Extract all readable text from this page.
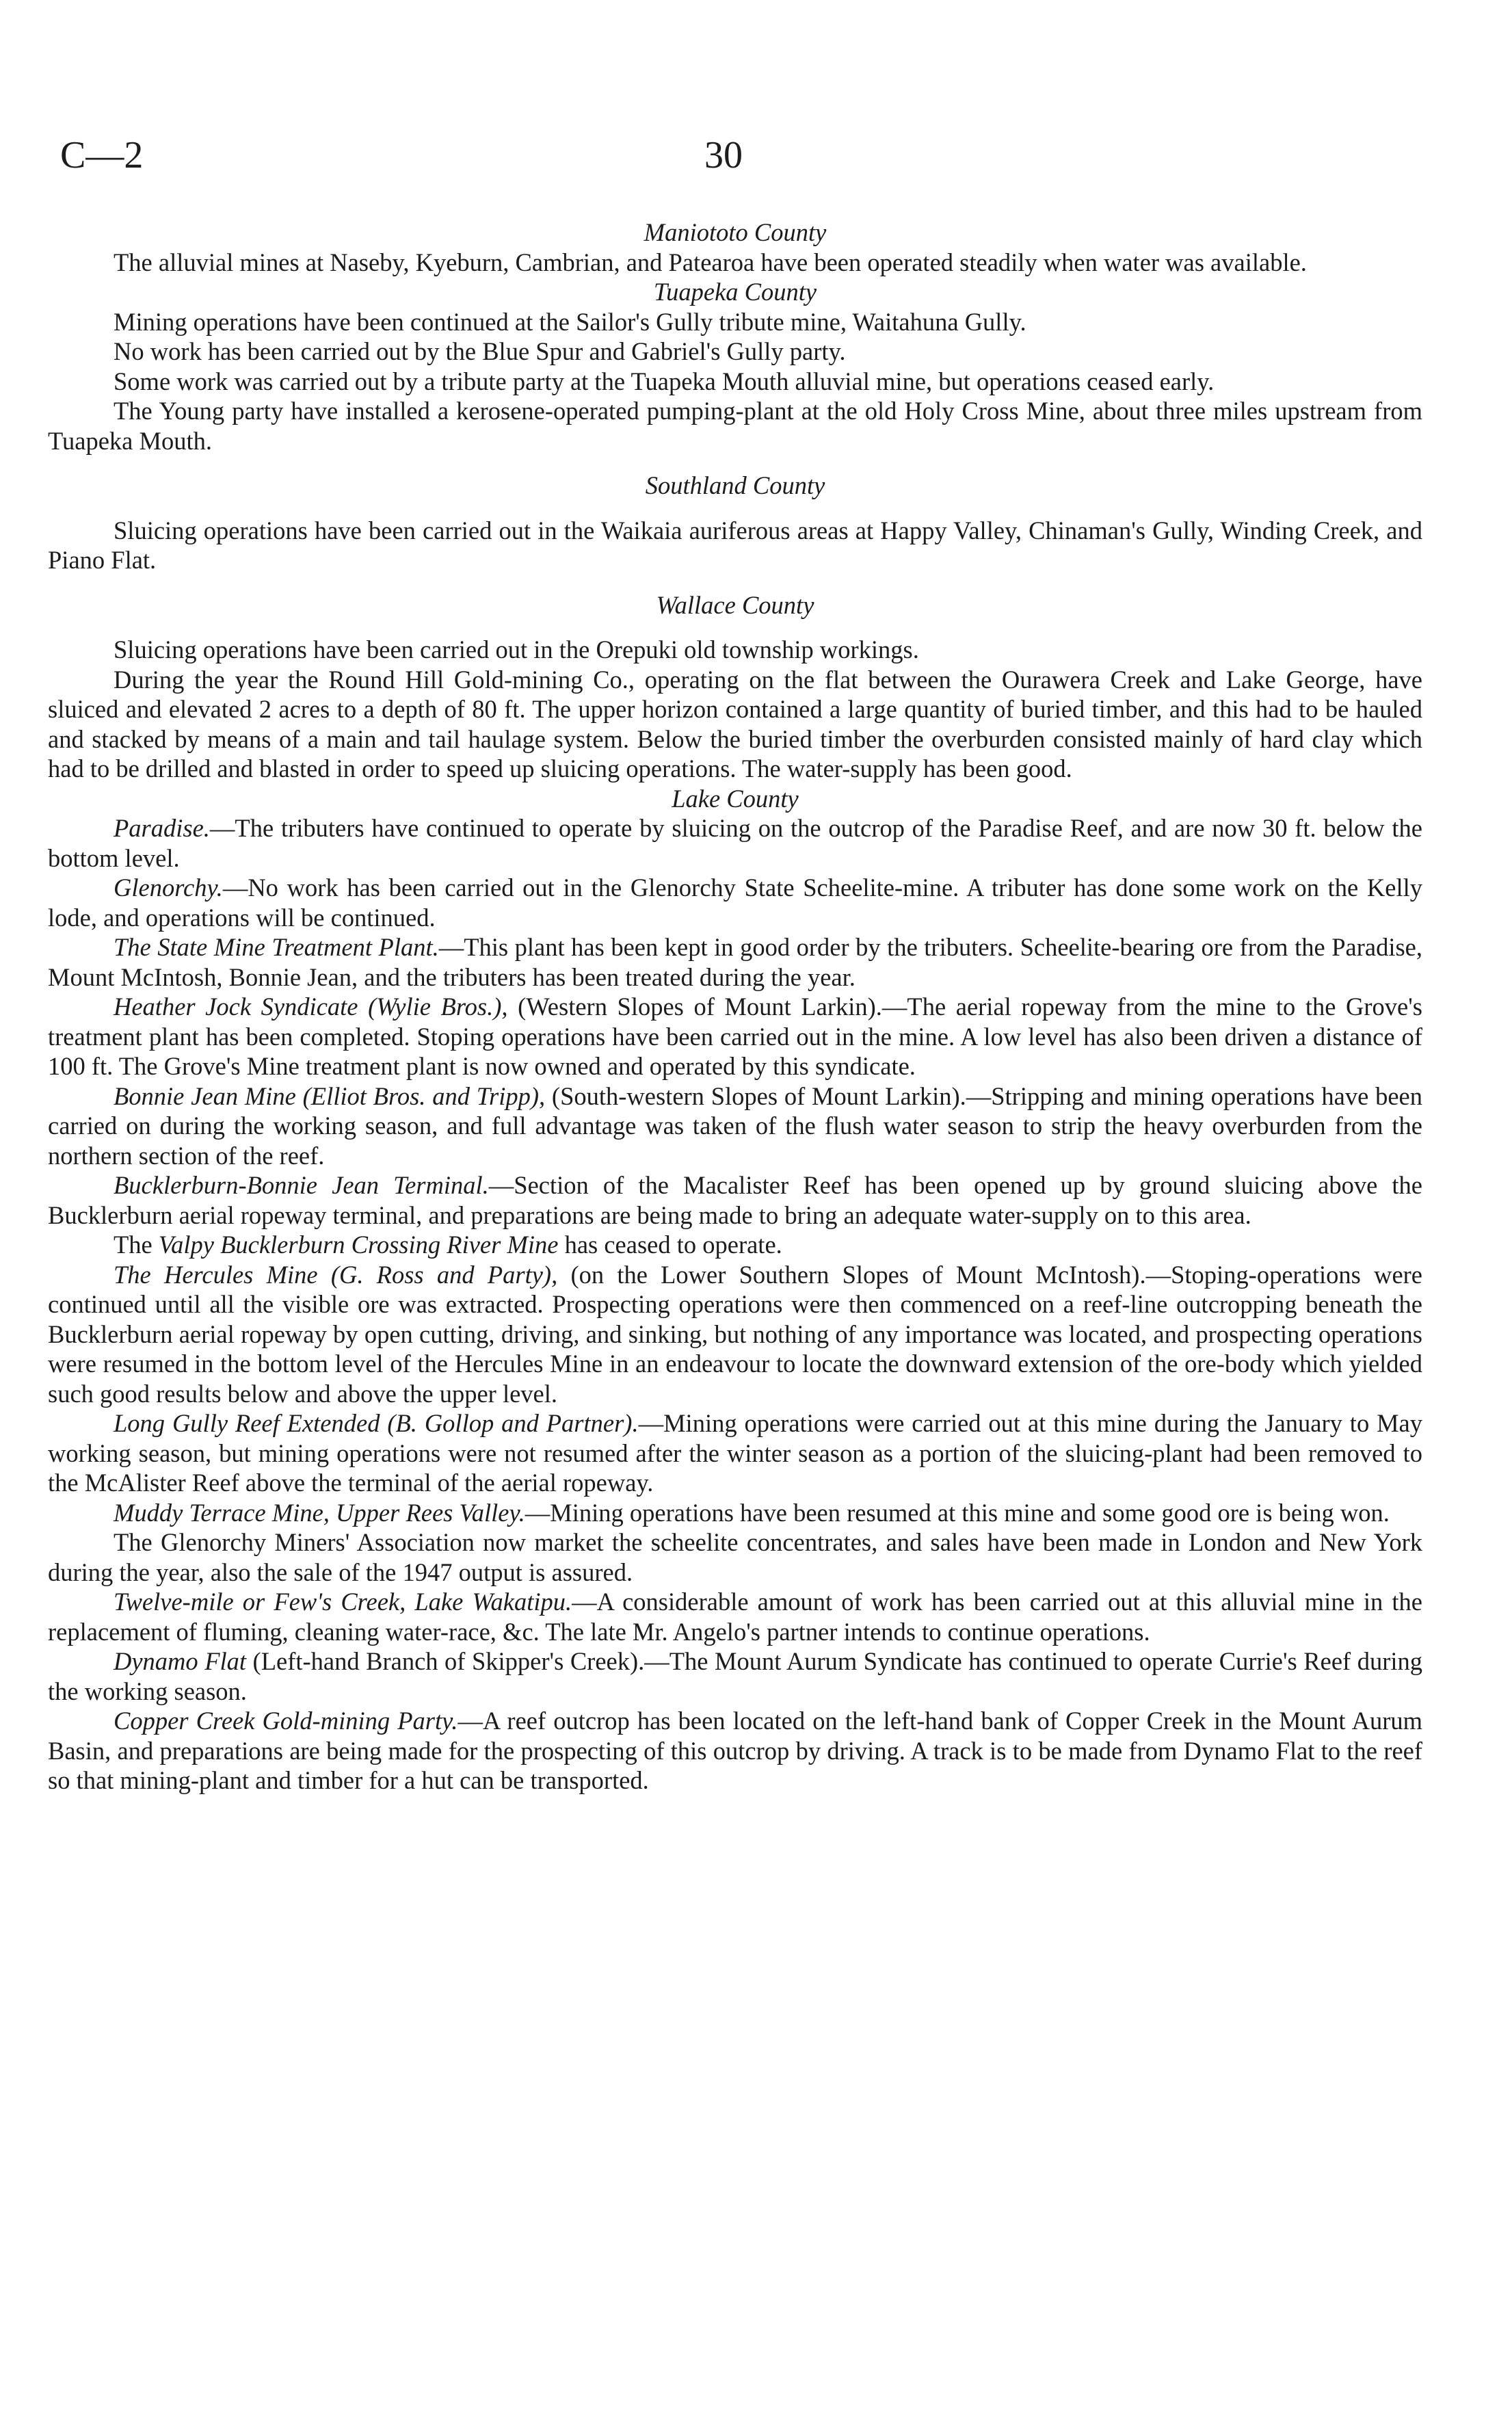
C—2	30
Maniototo County

The alluvial mines at Naseby, Kyeburn, Cambrian, and Patearoa have been operated steadily when water was available.

Tuapeka County

Mining operations have been continued at the Sailor's Gully tribute mine, Waitahuna Gully.

No work has been carried out by the Blue Spur and Gabriel's Gully party.

Some work was carried out by a tribute party at the Tuapeka Mouth alluvial mine, but operations ceased early.

The Young party have installed a kerosene-operated pumping-plant at the old Holy Cross Mine, about three miles upstream from Tuapeka Mouth.

Southland County

Sluicing operations have been carried out in the Waikaia auriferous areas at Happy Valley, Chinaman's Gully, Winding Creek, and Piano Flat.

Wallace County

Sluicing operations have been carried out in the Orepuki old township workings.

During the year the Round Hill Gold-mining Co., operating on the flat between the Ourawera Creek and Lake George, have sluiced and elevated 2 acres to a depth of 80 ft. The upper horizon contained a large quantity of buried timber, and this had to be hauled and stacked by means of a main and tail haulage system. Below the buried timber the overburden consisted mainly of hard clay which had to be drilled and blasted in order to speed up sluicing operations. The water-supply has been good.

Lake County

Paradise.—The tributers have continued to operate by sluicing on the outcrop of the Paradise Reef, and are now 30 ft. below the bottom level.

Glenorchy.—No work has been carried out in the Glenorchy State Scheelite-mine. A tributer has done some work on the Kelly lode, and operations will be continued.

The State Mine Treatment Plant.—This plant has been kept in good order by the tributers. Scheelite-bearing ore from the Paradise, Mount McIntosh, Bonnie Jean, and the tributers has been treated during the year.

Heather Jock Syndicate (Wylie Bros.), (Western Slopes of Mount Larkin).—The aerial ropeway from the mine to the Grove's treatment plant has been completed. Stoping operations have been carried out in the mine. A low level has also been driven a distance of 100 ft. The Grove's Mine treatment plant is now owned and operated by this syndicate.

Bonnie Jean Mine (Elliot Bros. and Tripp), (South-western Slopes of Mount Larkin).—Stripping and mining operations have been carried on during the working season, and full advantage was taken of the flush water season to strip the heavy overburden from the northern section of the reef.

Bucklerburn-Bonnie Jean Terminal.—Section of the Macalister Reef has been opened up by ground sluicing above the Bucklerburn aerial ropeway terminal, and preparations are being made to bring an adequate water-supply on to this area.

The Valpy Bucklerburn Crossing River Mine has ceased to operate.

The Hercules Mine (G. Ross and Party), (on the Lower Southern Slopes of Mount McIntosh).—Stoping-operations were continued until all the visible ore was extracted. Prospecting operations were then commenced on a reef-line outcropping beneath the Bucklerburn aerial ropeway by open cutting, driving, and sinking, but nothing of any importance was located, and prospecting operations were resumed in the bottom level of the Hercules Mine in an endeavour to locate the downward extension of the ore-body which yielded such good results below and above the upper level.

Long Gully Reef Extended (B. Gollop and Partner).—Mining operations were carried out at this mine during the January to May working season, but mining operations were not resumed after the winter season as a portion of the sluicing-plant had been removed to the McAlister Reef above the terminal of the aerial ropeway.

Muddy Terrace Mine, Upper Rees Valley.—Mining operations have been resumed at this mine and some good ore is being won.

The Glenorchy Miners' Association now market the scheelite concentrates, and sales have been made in London and New York during the year, also the sale of the 1947 output is assured.

Twelve-mile or Few's Creek, Lake Wakatipu.—A considerable amount of work has been carried out at this alluvial mine in the replacement of fluming, cleaning water-race, &c. The late Mr. Angelo's partner intends to continue operations.

Dynamo Flat (Left-hand Branch of Skipper's Creek).—The Mount Aurum Syndicate has continued to operate Currie's Reef during the working season.

Copper Creek Gold-mining Party.—A reef outcrop has been located on the left-hand bank of Copper Creek in the Mount Aurum Basin, and preparations are being made for the prospecting of this outcrop by driving. A track is to be made from Dynamo Flat to the reef so that mining-plant and timber for a hut can be transported.
